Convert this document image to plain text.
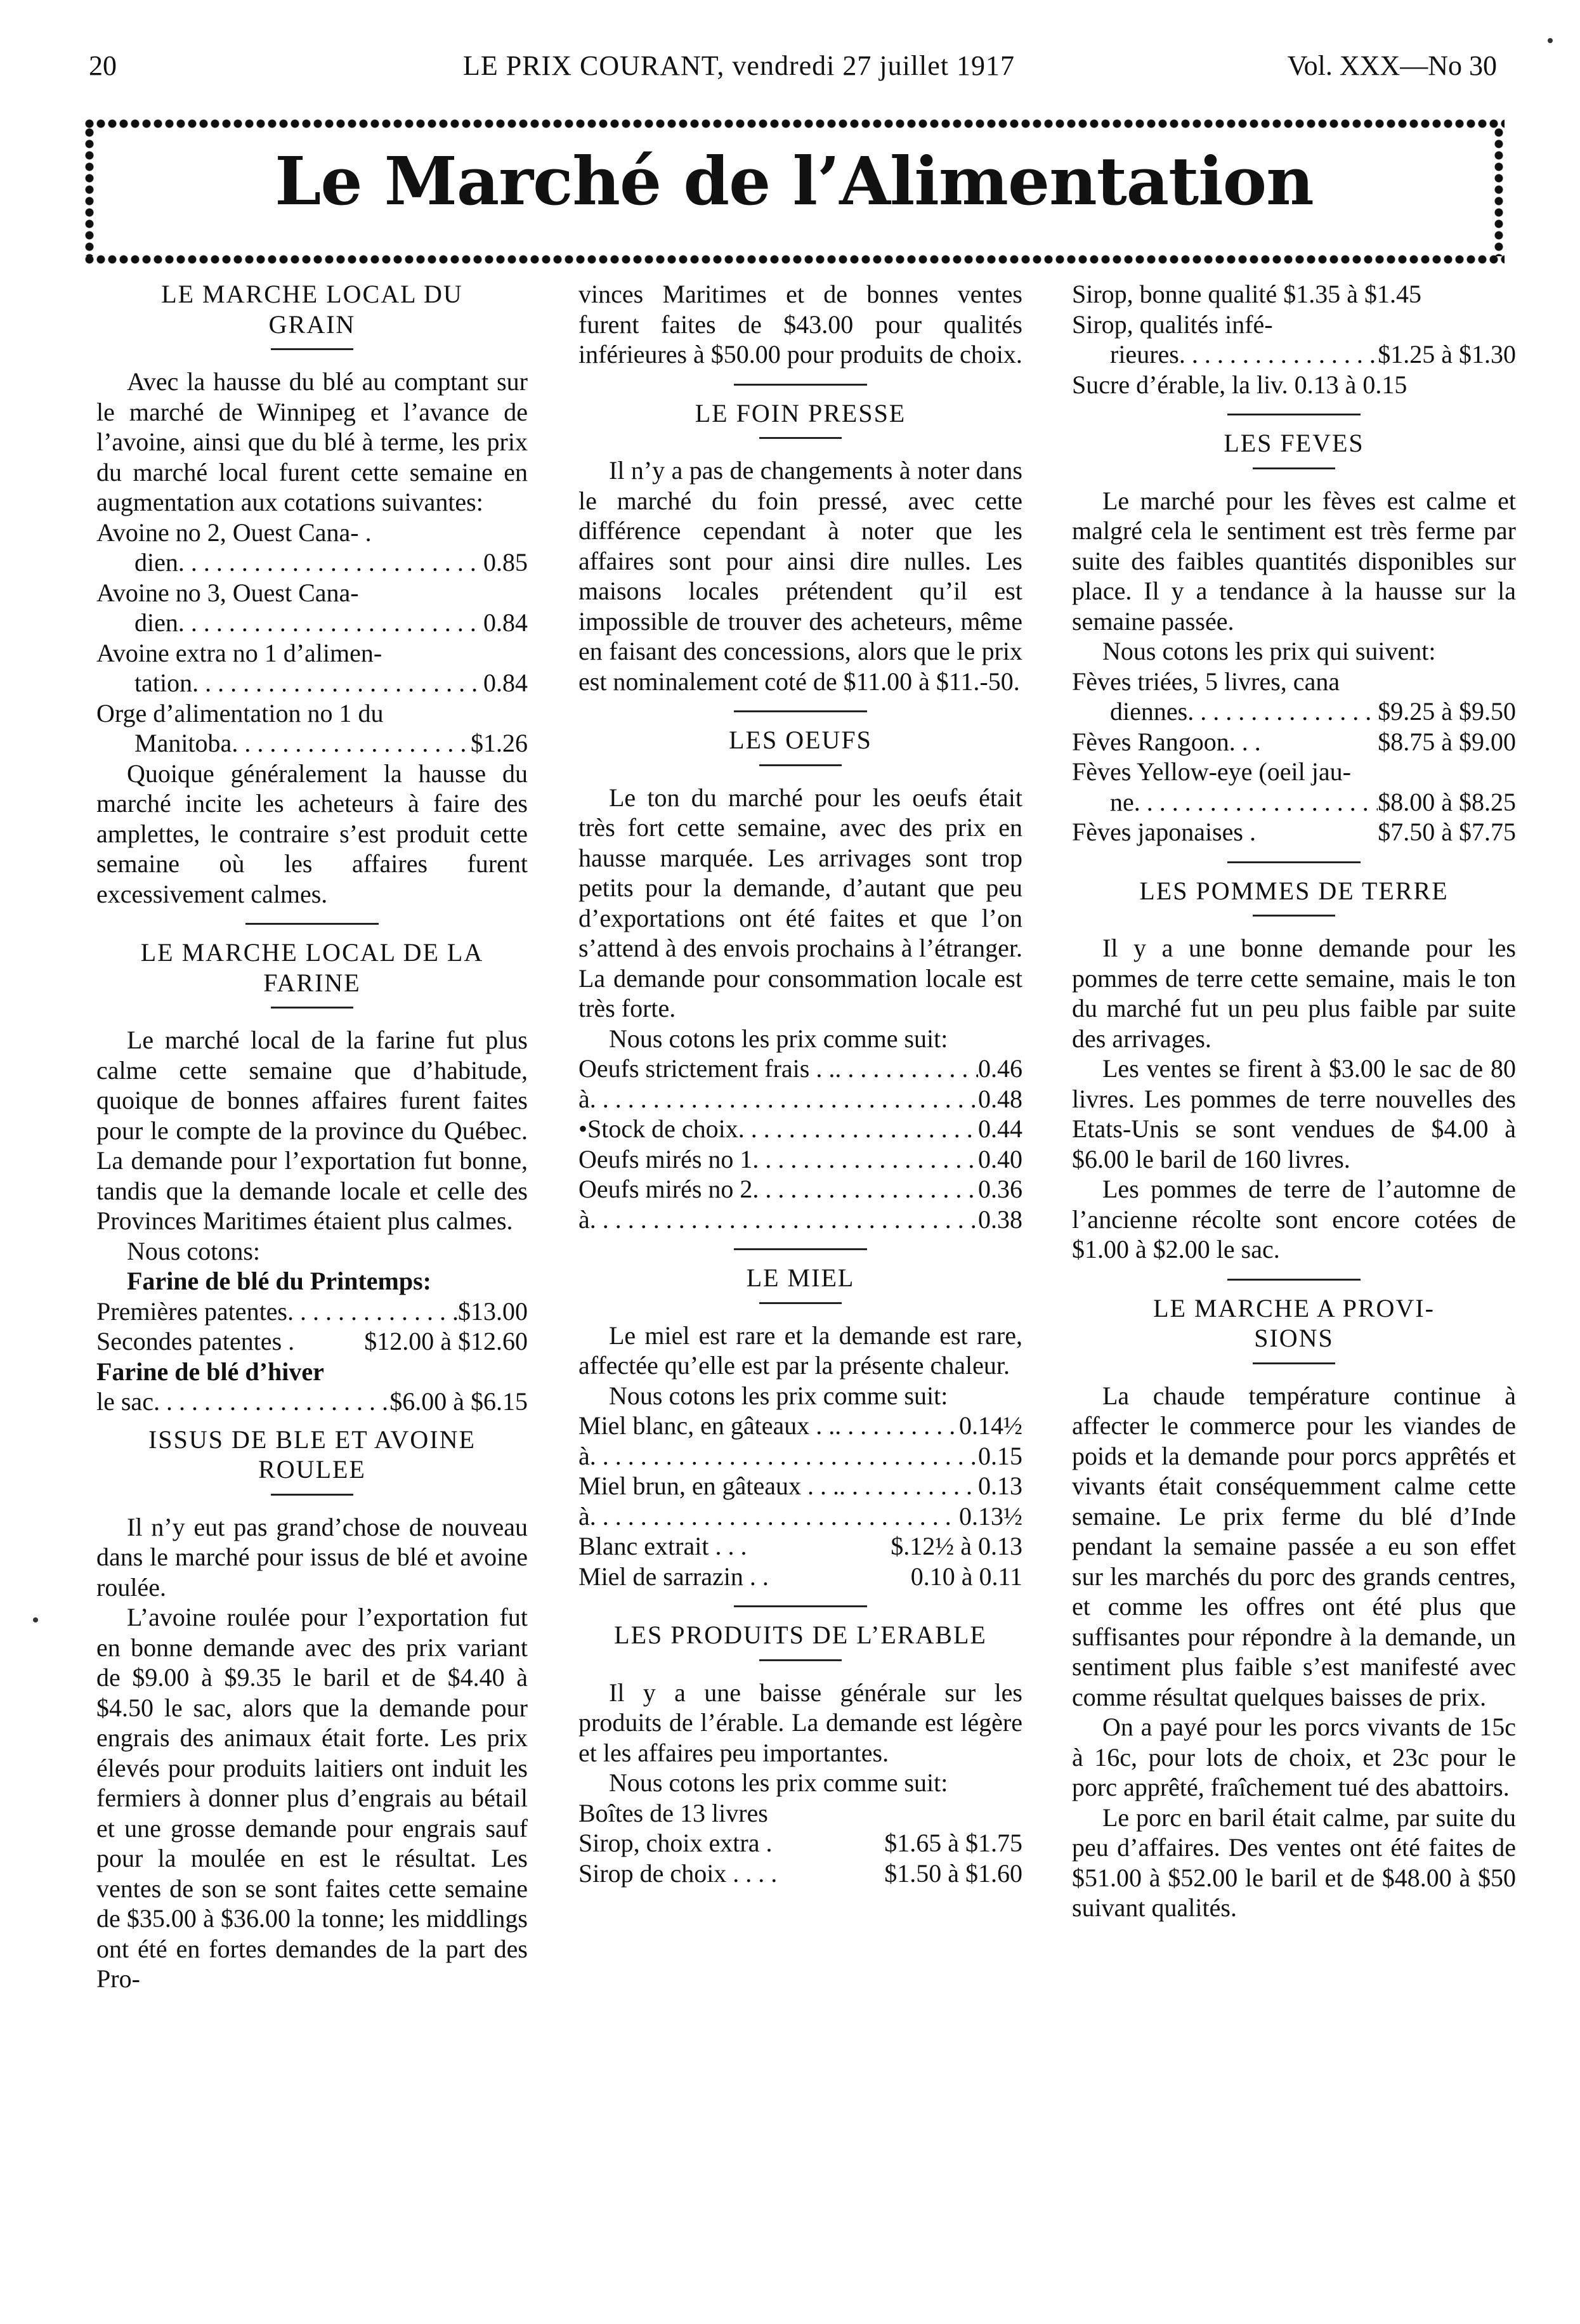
20	LE PRIX COURANT, vendredi 27 juillet 1917	Vol. XXX—No 30
Le Marché de l’Alimentation
LE MARCHE LOCAL DU
GRAIN

Avec la hausse du blé au comptant sur le marché de Winnipeg et l’avance de l’avoine, ainsi que du blé à terme, les prix du marché local furent cette semaine en augmentation aux cotations suivantes:

Avoine no 2, Ouest Cana- .
dien . . .	0.85
Avoine no 3, Ouest Cana-
dien . . .	0.84
Avoine extra no 1 d’alimen-
tation . . .	0.84
Orge d’alimentation no 1 du
Manitoba . . .	$1.26

Quoique généralement la hausse du marché incite les acheteurs à faire des amplettes, le contraire s’est produit cette semaine où les affaires furent excessivement calmes.

LE MARCHE LOCAL DE LA
FARINE

Le marché local de la farine fut plus calme cette semaine que d’habitude, quoique de bonnes affaires furent faites pour le compte de la province du Québec. La demande pour l’exportation fut bonne, tandis que la demande locale et celle des Provinces Maritimes étaient plus calmes.

Nous cotons:

Farine de blé du Printemps:

Premières patentes . . .	$13.00
Secondes patentes .	$12.00 à $12.60

Farine de blé d’hiver

le sac . . .	$6.00 à $6.15
ISSUS DE BLE ET AVOINE
ROULEE

Il n’y eut pas grand’chose de nouveau dans le marché pour issus de blé et avoine roulée.

L’avoine roulée pour l’exportation fut en bonne demande avec des prix variant de $9.00 à $9.35 le baril et de $4.40 à $4.50 le sac, alors que la demande pour engrais des animaux était forte. Les prix élevés pour produits laitiers ont induit les fermiers à donner plus d’engrais au bétail et une grosse demande pour engrais sauf pour la moulée en est le résultat. Les ventes de son se sont faites cette semaine de $35.00 à $36.00 la tonne; les middlings ont été en fortes demandes de la part des Pro-

vinces Maritimes et de bonnes ventes furent faites de $43.00 pour qualités inférieures à $50.00 pour produits de choix.

LE FOIN PRESSE

Il n’y a pas de changements à noter dans le marché du foin pressé, avec cette différence cependant à noter que les affaires sont pour ainsi dire nulles. Les maisons locales prétendent qu’il est impossible de trouver des acheteurs, même en faisant des concessions, alors que le prix est nominalement coté de $11.00 à $11.-50.

LES OEUFS

Le ton du marché pour les oeufs était très fort cette semaine, avec des prix en hausse marquée. Les arrivages sont trop petits pour la demande, d’autant que peu d’exportations ont été faites et que l’on s’attend à des envois prochains à l’étranger. La demande pour consommation locale est très forte.

Nous cotons les prix comme suit:

Oeufs strictement frais . . . . .	0.46
à . . .	0.48
•Stock de choix . . .	0.44
Oeufs mirés no 1 . . .	0.40
Oeufs mirés no 2 . . .	0.36
à . . .	0.38
LE MIEL

Le miel est rare et la demande est rare, affectée qu’elle est par la présente chaleur.

Nous cotons les prix comme suit:

Miel blanc, en gâteaux . . . . .	0.14½
à . . .	0.15
Miel brun, en gâteaux . . . . . .	0.13
à . . .	0.13½
Blanc extrait . . .	$.12½ à 0.13
Miel de sarrazin . .	0.10 à 0.11
LES PRODUITS DE L’ERABLE

Il y a une baisse générale sur les produits de l’érable. La demande est légère et les affaires peu importantes.

Nous cotons les prix comme suit:

Boîtes de 13 livres

Sirop, choix extra .	$1.65 à $1.75
Sirop de choix . . . .	$1.50 à $1.60

Sirop, bonne qualité $1.35 à $1.45

Sirop, qualités infé-

rieures . . .	$1.25 à $1.30

Sucre d’érable, la liv. 0.13 à 0.15

LES FEVES

Le marché pour les fèves est calme et malgré cela le sentiment est très ferme par suite des faibles quantités disponibles sur place. Il y a tendance à la hausse sur la semaine passée.

Nous cotons les prix qui suivent:

Fèves triées, 5 livres, cana

diennes . . .	$9.25 à $9.50
Fèves Rangoon. . .	$8.75 à $9.00

Fèves Yellow-eye (oeil jau-

ne . . .	$8.00 à $8.25
Fèves japonaises .	$7.50 à $7.75
LES POMMES DE TERRE

Il y a une bonne demande pour les pommes de terre cette semaine, mais le ton du marché fut un peu plus faible par suite des arrivages.

Les ventes se firent à $3.00 le sac de 80 livres. Les pommes de terre nouvelles des Etats-Unis se sont vendues de $4.00 à $6.00 le baril de 160 livres.

Les pommes de terre de l’automne de l’ancienne récolte sont encore cotées de $1.00 à $2.00 le sac.

LE MARCHE A PROVI-
SIONS

La chaude température continue à affecter le commerce pour les viandes de poids et la demande pour porcs apprêtés et vivants était conséquemment calme cette semaine. Le prix ferme du blé d’Inde pendant la semaine passée a eu son effet sur les marchés du porc des grands centres, et comme les offres ont été plus que suffisantes pour répondre à la demande, un sentiment plus faible s’est manifesté avec comme résultat quelques baisses de prix.

On a payé pour les porcs vivants de 15c à 16c, pour lots de choix, et 23c pour le porc apprêté, fraîchement tué des abattoirs.

Le porc en baril était calme, par suite du peu d’affaires. Des ventes ont été faites de $51.00 à $52.00 le baril et de $48.00 à $50 suivant qualités.
